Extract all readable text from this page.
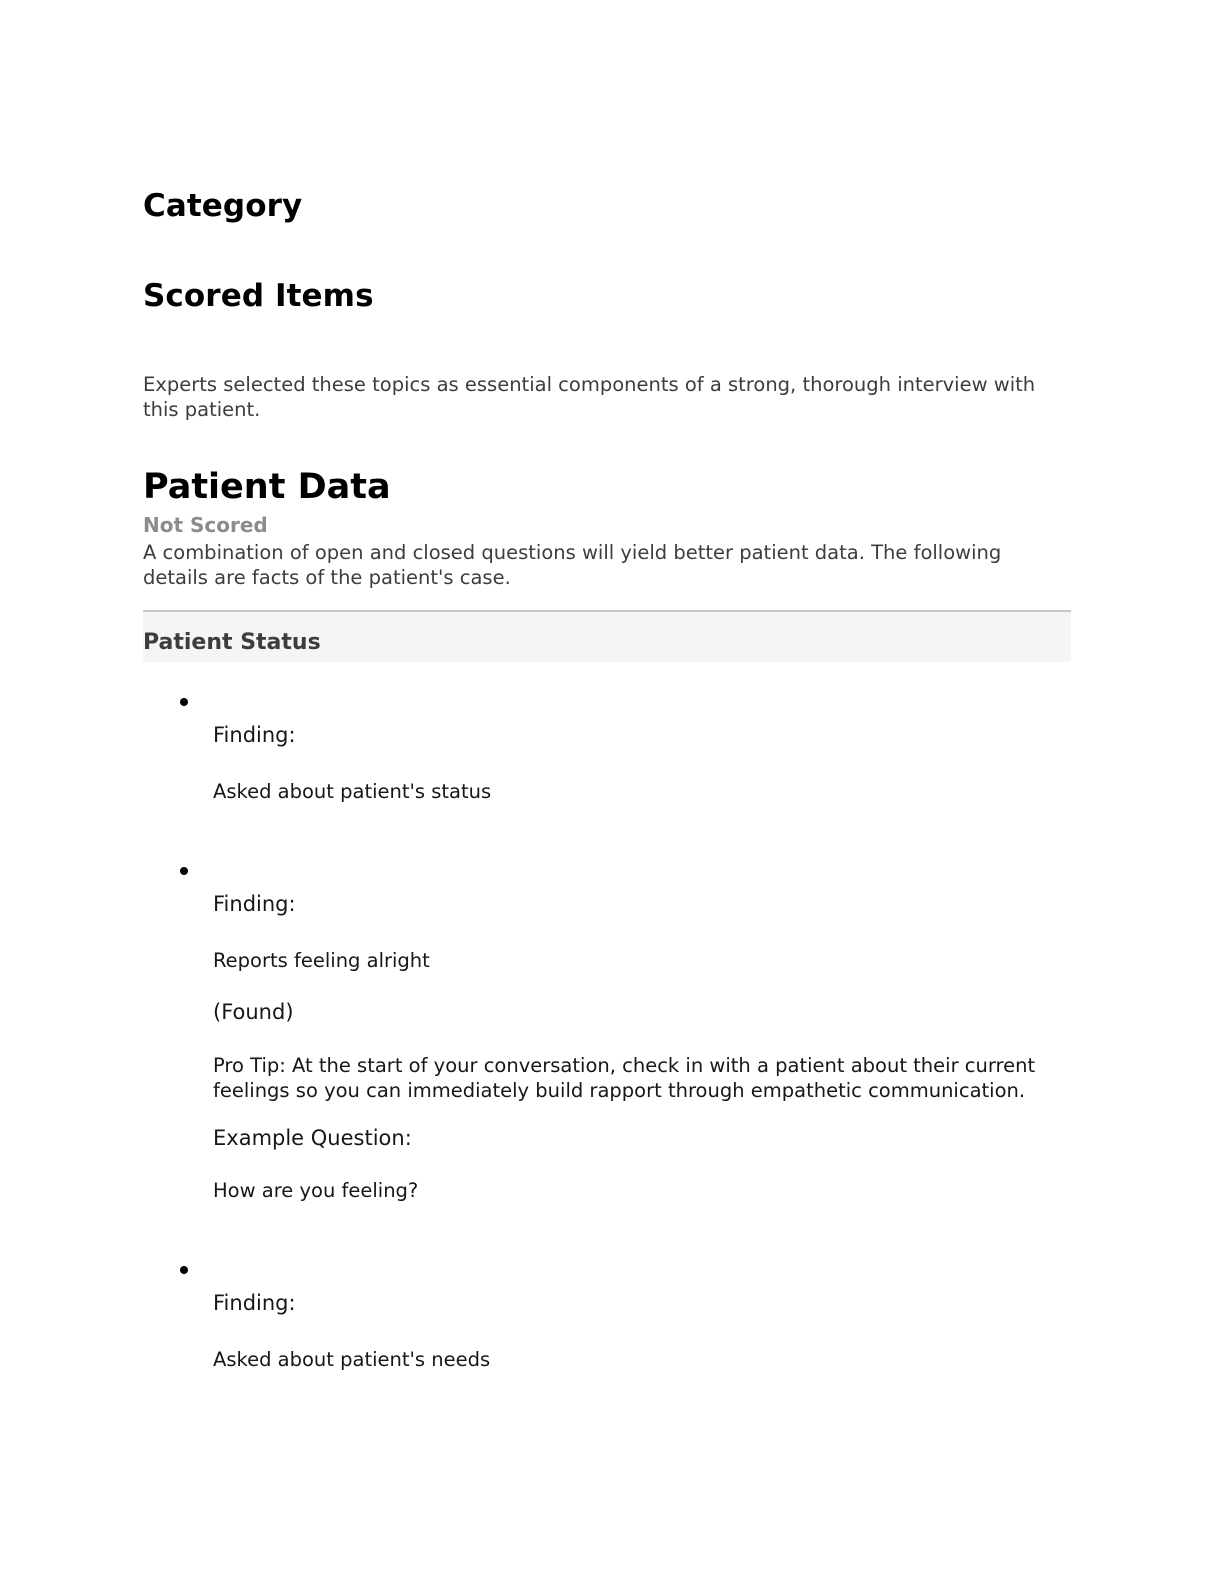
Category
Scored Items

Experts selected these topics as essential components of a strong, thorough interview with this patient.

Patient Data
Not Scored

A combination of open and closed questions will yield better patient data. The following details are facts of the patient's case.

Patient Status
Finding:
Asked about patient's status
Finding:
Reports feeling alright
(Found)
Pro Tip: At the start of your conversation, check in with a patient about their current feelings so you can immediately build rapport through empathetic communication.
Example Question:
How are you feeling?
Finding:
Asked about patient's needs
